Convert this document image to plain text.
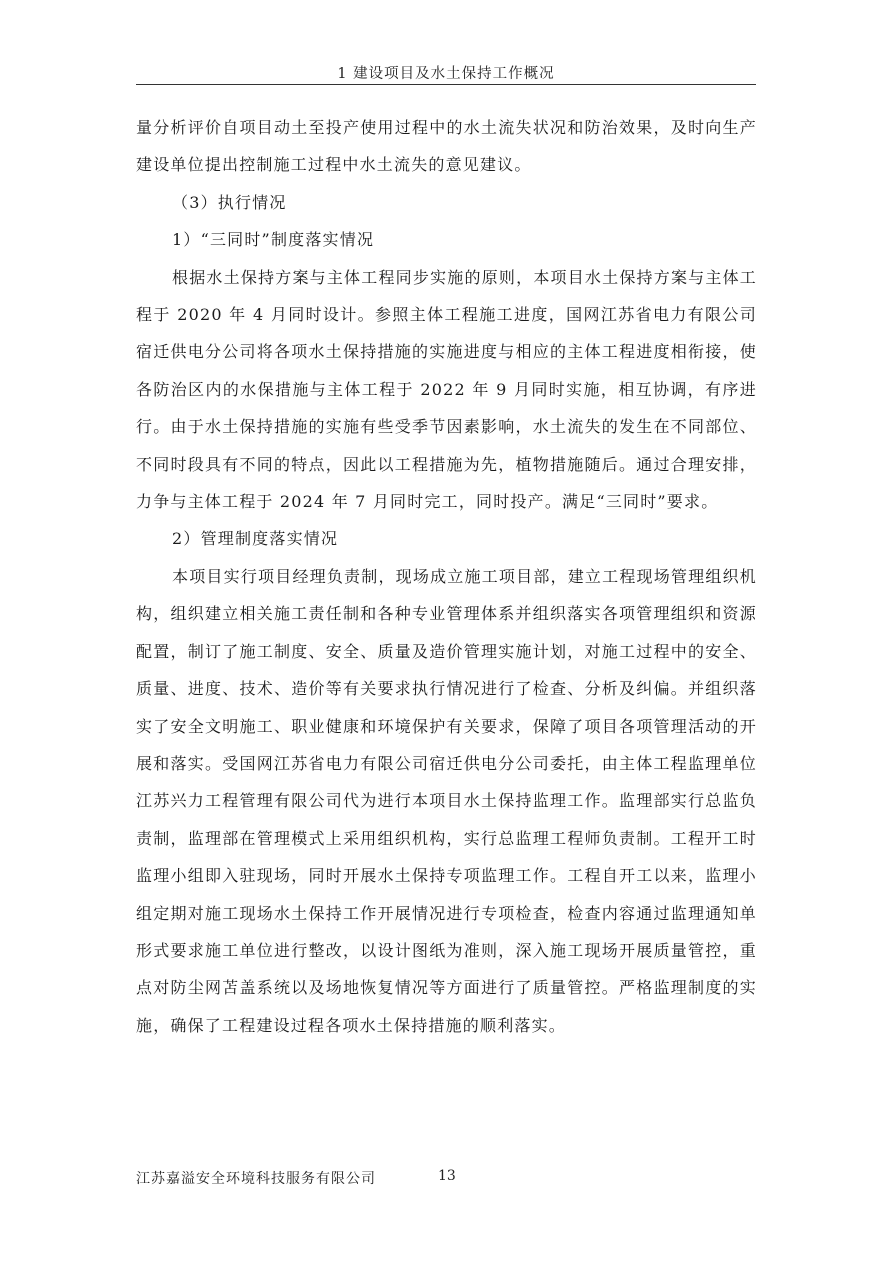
1 建设项目及水土保持工作概况

量分析评价自项目动土至投产使用过程中的水土流失状况和防治效果，及时向生产建设单位提出控制施工过程中水土流失的意见建议。

（3）执行情况

1）“三同时”制度落实情况

根据水土保持方案与主体工程同步实施的原则，本项目水土保持方案与主体工程于 2020 年 4 月同时设计。参照主体工程施工进度，国网江苏省电力有限公司宿迁供电分公司将各项水土保持措施的实施进度与相应的主体工程进度相衔接，使各防治区内的水保措施与主体工程于 2022 年 9 月同时实施，相互协调，有序进行。由于水土保持措施的实施有些受季节因素影响，水土流失的发生在不同部位、不同时段具有不同的特点，因此以工程措施为先，植物措施随后。通过合理安排，力争与主体工程于 2024 年 7 月同时完工，同时投产。满足“三同时”要求。

2）管理制度落实情况

本项目实行项目经理负责制，现场成立施工项目部，建立工程现场管理组织机构，组织建立相关施工责任制和各种专业管理体系并组织落实各项管理组织和资源配置，制订了施工制度、安全、质量及造价管理实施计划，对施工过程中的安全、质量、进度、技术、造价等有关要求执行情况进行了检查、分析及纠偏。并组织落实了安全文明施工、职业健康和环境保护有关要求，保障了项目各项管理活动的开展和落实。受国网江苏省电力有限公司宿迁供电分公司委托，由主体工程监理单位江苏兴力工程管理有限公司代为进行本项目水土保持监理工作。监理部实行总监负责制，监理部在管理模式上采用组织机构，实行总监理工程师负责制。工程开工时监理小组即入驻现场，同时开展水土保持专项监理工作。工程自开工以来，监理小组定期对施工现场水土保持工作开展情况进行专项检查，检查内容通过监理通知单形式要求施工单位进行整改，以设计图纸为准则，深入施工现场开展质量管控，重点对防尘网苫盖系统以及场地恢复情况等方面进行了质量管控。严格监理制度的实施，确保了工程建设过程各项水土保持措施的顺利落实。

江苏嘉溢安全环境科技服务有限公司	13
